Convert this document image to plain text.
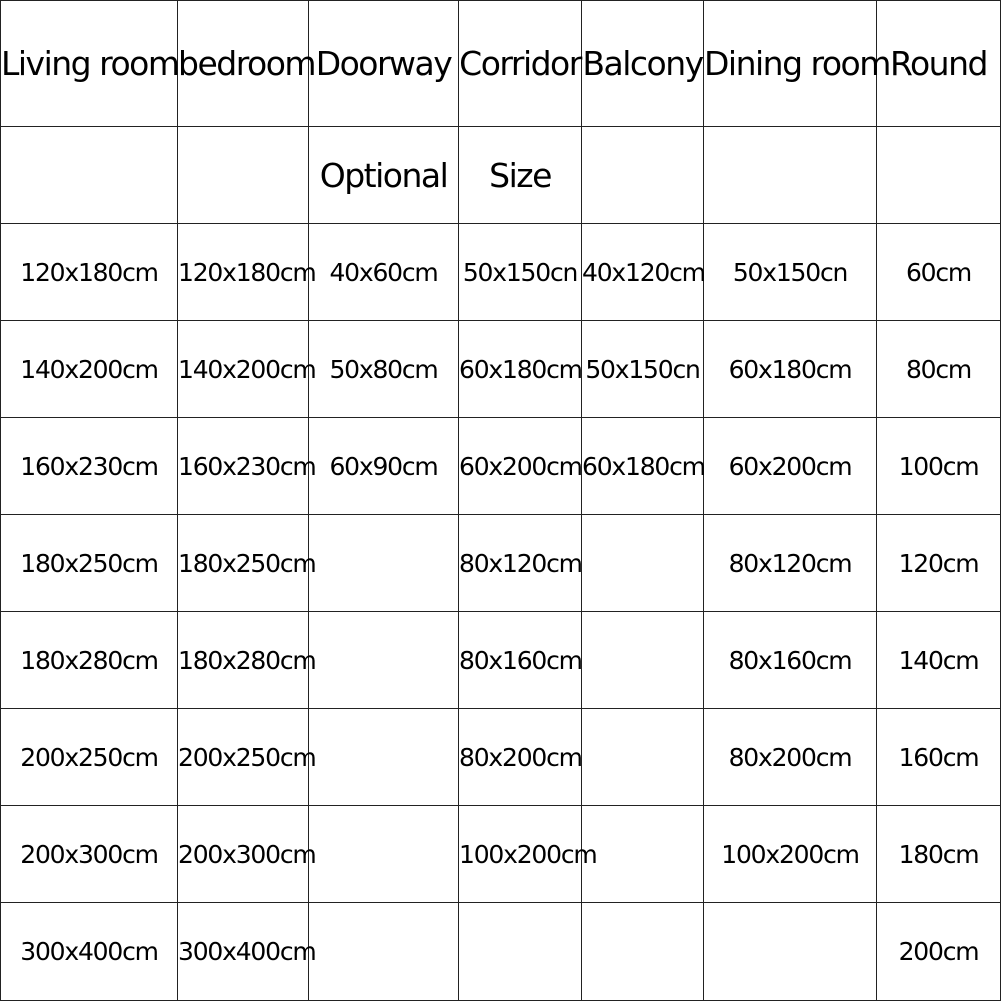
Living room	bedroom	Doorway	Corridor	Balcony	Dining room	Round
		Optional	Size			
120x180cm	120x180cm	40x60cm	50x150cn	40x120cm	50x150cn	60cm
140x200cm	140x200cm	50x80cm	60x180cm	50x150cn	60x180cm	80cm
160x230cm	160x230cm	60x90cm	60x200cm	60x180cm	60x200cm	100cm
180x250cm	180x250cm		80x120cm		80x120cm	120cm
180x280cm	180x280cm		80x160cm		80x160cm	140cm
200x250cm	200x250cm		80x200cm		80x200cm	160cm
200x300cm	200x300cm		100x200cm		100x200cm	180cm
300x400cm	300x400cm					200cm
